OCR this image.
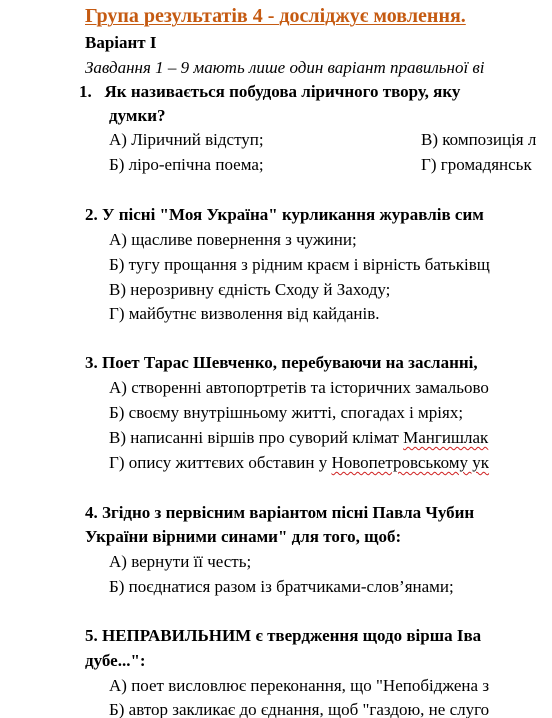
Група результатів 4 - досліджує мовлення.
Варіант І
Завдання 1 – 9 мають лише один варіант правильної ві
1. Як називається побудова ліричного твору, яку
думки?
А) Ліричний відступ;	В) композиція л
Б) ліро-епічна поема;	Г) громадянськ
2. У пісні "Моя Україна" курликання журавлів сим
А) щасливе повернення з чужини;
Б) тугу прощання з рідним краєм і вірність батьківщ
В) нерозривну єдність Сходу й Заходу;
Г) майбутнє визволення від кайданів.
3. Поет Тарас Шевченко, перебуваючи на засланні,
А) створенні автопортретів та історичних замальово
Б) своєму внутрішньому житті, спогадах і мріях;
В) написанні віршів про суворий клімат Мангишлак
Г) опису життєвих обставин у Новопетровському ук
4. Згідно з первісним варіантом пісні Павла Чубин
України вірними синами" для того, щоб:
А) вернути її честь;
Б) поєднатися разом із братчиками-слов’янами;
5. НЕПРАВИЛЬНИМ є твердження щодо вірша Іва
дубе...":
А) поет висловлює переконання, що "Непобіджена з
Б) автор закликає до єднання, щоб "газдою, не слуго
